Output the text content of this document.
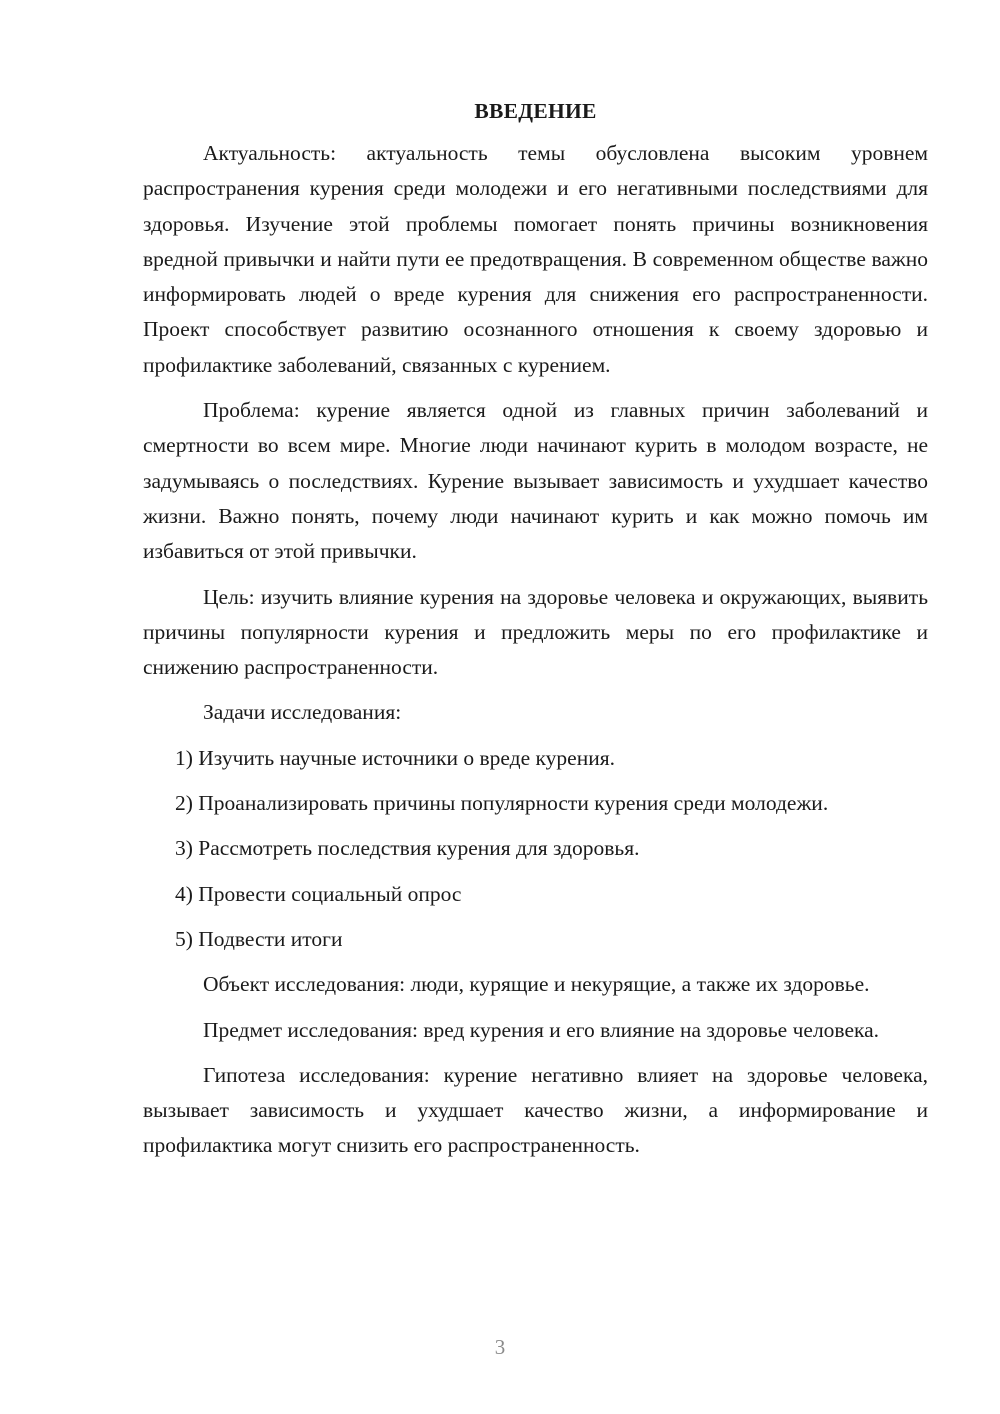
ВВЕДЕНИЕ

Актуальность: актуальность темы обусловлена высоким уровнем распространения курения среди молодежи и его негативными последствиями для здоровья. Изучение этой проблемы помогает понять причины возникновения вредной привычки и найти пути ее предотвращения. В современном обществе важно информировать людей о вреде курения для снижения его распространенности. Проект способствует развитию осознанного отношения к своему здоровью и профилактике заболеваний, связанных с курением.

Проблема: курение является одной из главных причин заболеваний и смертности во всем мире. Многие люди начинают курить в молодом возрасте, не задумываясь о последствиях. Курение вызывает зависимость и ухудшает качество жизни. Важно понять, почему люди начинают курить и как можно помочь им избавиться от этой привычки.

Цель: изучить влияние курения на здоровье человека и окружающих, выявить причины популярности курения и предложить меры по его профилактике и снижению распространенности.

Задачи исследования:

1) Изучить научные источники о вреде курения.

2) Проанализировать причины популярности курения среди молодежи.

3) Рассмотреть последствия курения для здоровья.

4) Провести социальный опрос

5) Подвести итоги

Объект исследования: люди, курящие и некурящие, а также их здоровье.

Предмет исследования: вред курения и его влияние на здоровье человека.

Гипотеза исследования: курение негативно влияет на здоровье человека, вызывает зависимость и ухудшает качество жизни, а информирование и профилактика могут снизить его распространенность.

3
